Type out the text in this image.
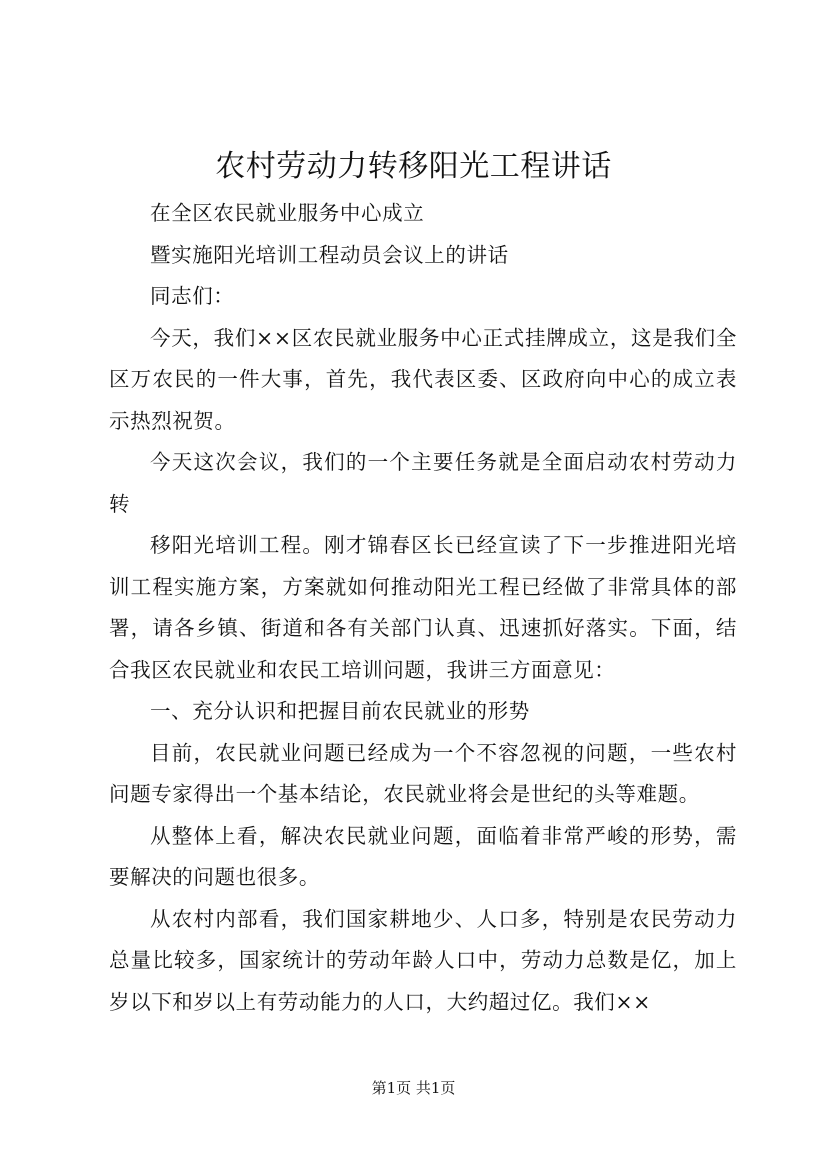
农村劳动力转移阳光工程讲话

在全区农民就业服务中心成立

暨实施阳光培训工程动员会议上的讲话

同志们：

今天，我们××区农民就业服务中心正式挂牌成立，这是我们全区万农民的一件大事，首先，我代表区委、区政府向中心的成立表示热烈祝贺。

今天这次会议，我们的一个主要任务就是全面启动农村劳动力转

移阳光培训工程。刚才锦春区长已经宣读了下一步推进阳光培训工程实施方案，方案就如何推动阳光工程已经做了非常具体的部署，请各乡镇、街道和各有关部门认真、迅速抓好落实。下面，结合我区农民就业和农民工培训问题，我讲三方面意见：

一、充分认识和把握目前农民就业的形势

目前，农民就业问题已经成为一个不容忽视的问题，一些农村问题专家得出一个基本结论，农民就业将会是世纪的头等难题。

从整体上看，解决农民就业问题，面临着非常严峻的形势，需要解决的问题也很多。

从农村内部看，我们国家耕地少、人口多，特别是农民劳动力总量比较多，国家统计的劳动年龄人口中，劳动力总数是亿，加上岁以下和岁以上有劳动能力的人口，大约超过亿。我们××

第1页 共1页
